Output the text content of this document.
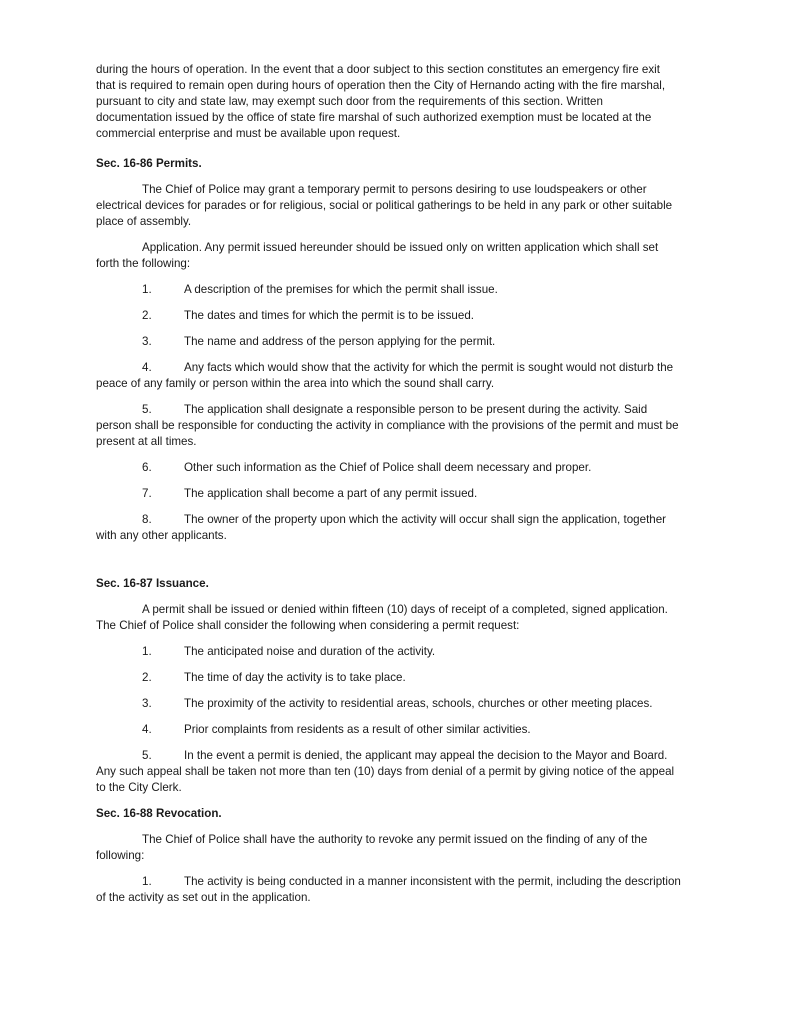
during the hours of operation. In the event that a door subject to this section constitutes an emergency fire exit that is required to remain open during hours of operation then the City of Hernando acting with the fire marshal, pursuant to city and state law, may exempt such door from the requirements of this section. Written documentation issued by the office of state fire marshal of such authorized exemption must be located at the commercial enterprise and must be available upon request.

Sec. 16-86 Permits.

The Chief of Police may grant a temporary permit to persons desiring to use loudspeakers or other electrical devices for parades or for religious, social or political gatherings to be held in any park or other suitable place of assembly.

Application. Any permit issued hereunder should be issued only on written application which shall set forth the following:

1.	A description of the premises for which the permit shall issue.
2.	The dates and times for which the permit is to be issued.
3.	The name and address of the person applying for the permit.
4.	Any facts which would show that the activity for which the permit is sought would not disturb the peace of any family or person within the area into which the sound shall carry.
5.	The application shall designate a responsible person to be present during the activity. Said person shall be responsible for conducting the activity in compliance with the provisions of the permit and must be present at all times.
6.	Other such information as the Chief of Police shall deem necessary and proper.
7.	The application shall become a part of any permit issued.
8.	The owner of the property upon which the activity will occur shall sign the application, together with any other applicants.

Sec. 16-87 Issuance.

A permit shall be issued or denied within fifteen (10) days of receipt of a completed, signed application. The Chief of Police shall consider the following when considering a permit request:

1.	The anticipated noise and duration of the activity.
2.	The time of day the activity is to take place.
3.	The proximity of the activity to residential areas, schools, churches or other meeting places.
4.	Prior complaints from residents as a result of other similar activities.
5.	In the event a permit is denied, the applicant may appeal the decision to the Mayor and Board. Any such appeal shall be taken not more than ten (10) days from denial of a permit by giving notice of the appeal to the City Clerk.

Sec. 16-88 Revocation.

The Chief of Police shall have the authority to revoke any permit issued on the finding of any of the following:

1.	The activity is being conducted in a manner inconsistent with the permit, including the description of the activity as set out in the application.
